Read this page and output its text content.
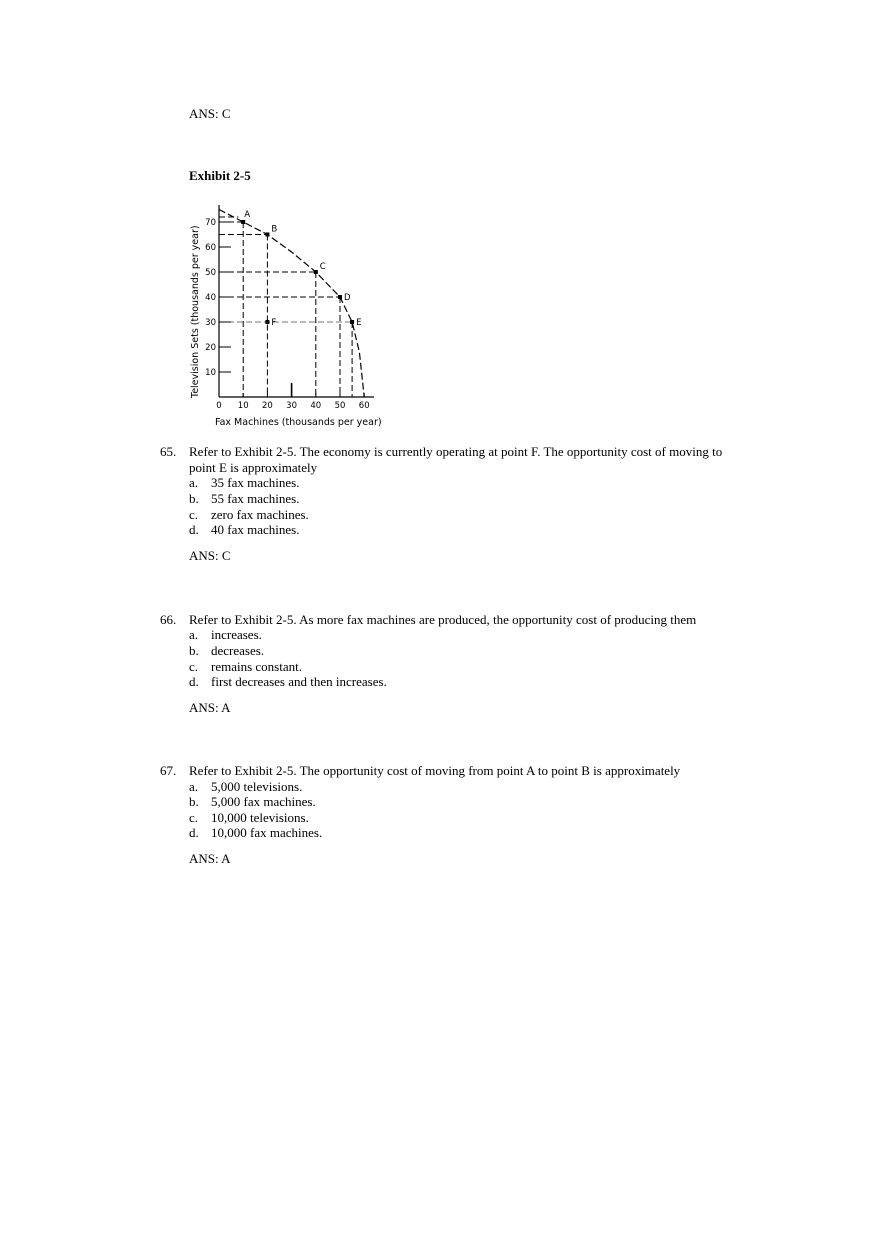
ANS: C
Exhibit 2-5
0 10 20 30 40 50 60
10
20
30
40
50
60
70
A
B
C
D
E
F
Fax Machines (thousands per year)
Television Sets (thousands per year)
65. Refer to Exhibit 2-5. The economy is currently operating at point F. The opportunity cost of moving to
point E is approximately
a. 35 fax machines.
b. 55 fax machines.
c. zero fax machines.
d. 40 fax machines.
ANS: C
66. Refer to Exhibit 2-5. As more fax machines are produced, the opportunity cost of producing them
a. increases.
b. decreases.
c. remains constant.
d. first decreases and then increases.
ANS: A
67. Refer to Exhibit 2-5. The opportunity cost of moving from point A to point B is approximately
a. 5,000 televisions.
b. 5,000 fax machines.
c. 10,000 televisions.
d. 10,000 fax machines.
ANS: A
